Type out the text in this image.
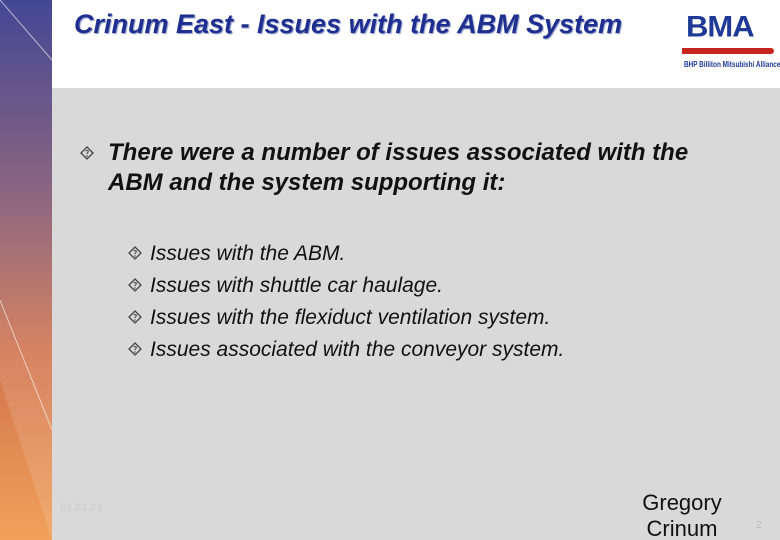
Crinum East - Issues with the ABM System	BMA
BHP Billiton Mitsubishi Alliance

There were a number of issues associated with the ABM and the system supporting it:

Issues with the ABM.
Issues with shuttle car haulage.
Issues with the flexiduct ventilation system.
Issues associated with the conveyor system.
01.01.01	Gregory Crinum	2
